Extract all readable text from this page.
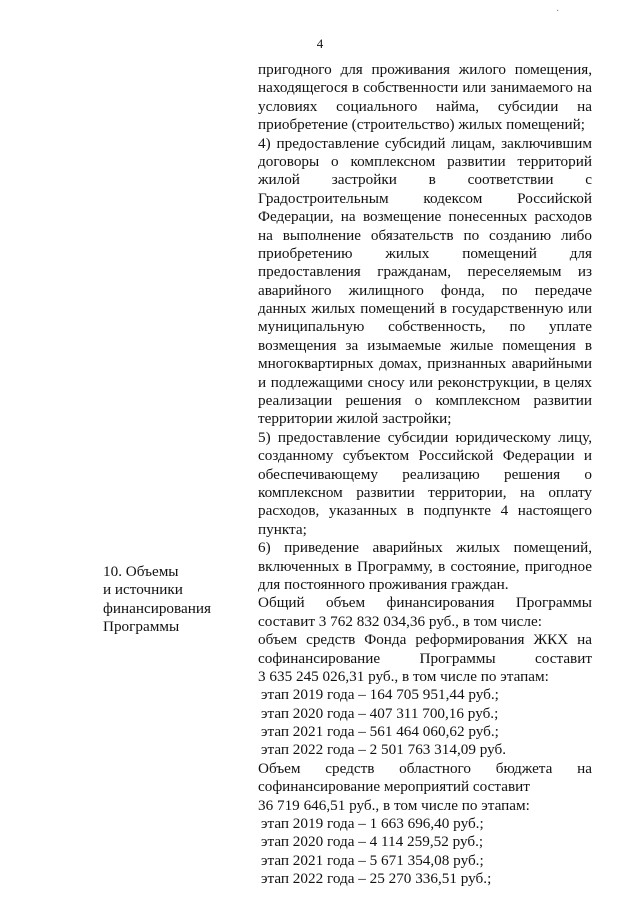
·
4
10. Объемы
и источники
финансирования
Программы
пригодного для проживания жилого помещения,
находящегося в собственности или занимаемого на
условиях социального найма, субсидии на
приобретение (строительство) жилых помещений;
4) предоставление субсидий лицам, заключившим
договоры о комплексном развитии территорий
жилой застройки в соответствии с
Градостроительным кодексом Российской
Федерации, на возмещение понесенных расходов
на выполнение обязательств по созданию либо
приобретению жилых помещений для
предоставления гражданам, переселяемым из
аварийного жилищного фонда, по передаче
данных жилых помещений в государственную или
муниципальную собственность, по уплате
возмещения за изымаемые жилые помещения в
многоквартирных домах, признанных аварийными
и подлежащими сносу или реконструкции, в целях
реализации решения о комплексном развитии
территории жилой застройки;
5) предоставление субсидии юридическому лицу,
созданному субъектом Российской Федерации и
обеспечивающему реализацию решения о
комплексном развитии территории, на оплату
расходов, указанных в подпункте 4 настоящего
пункта;
6) приведение аварийных жилых помещений,
включенных в Программу, в состояние, пригодное
для постоянного проживания граждан.
Общий объем финансирования Программы
составит 3 762 832 034,36 руб., в том числе:
объем средств Фонда реформирования ЖКХ на
софинансирование Программы составит
3 635 245 026,31 руб., в том числе по этапам:
этап 2019 года – 164 705 951,44 руб.;
этап 2020 года – 407 311 700,16 руб.;
этап 2021 года – 561 464 060,62 руб.;
этап 2022 года – 2 501 763 314,09 руб.
Объем средств областного бюджета на
софинансирование мероприятий составит
36 719 646,51 руб., в том числе по этапам:
этап 2019 года – 1 663 696,40 руб.;
этап 2020 года – 4 114 259,52 руб.;
этап 2021 года – 5 671 354,08 руб.;
этап 2022 года – 25 270 336,51 руб.;
